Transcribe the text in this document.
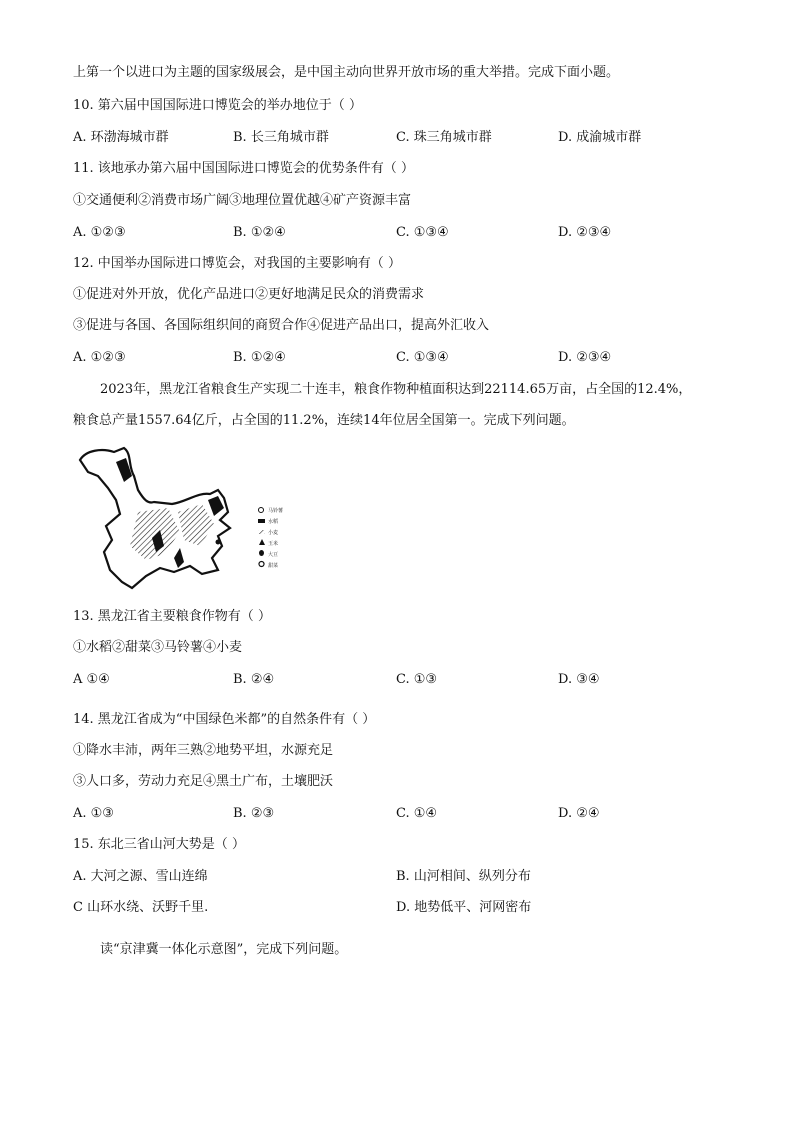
上第一个以进口为主题的国家级展会，是中国主动向世界开放市场的重大举措。完成下面小题。
10. 第六届中国国际进口博览会的举办地位于（ ）
A. 环渤海城市群	B. 长三角城市群	C. 珠三角城市群	D. 成渝城市群
11. 该地承办第六届中国国际进口博览会的优势条件有（ ）
①交通便利②消费市场广阔③地理位置优越④矿产资源丰富
A. ①②③	B. ①②④	C. ①③④	D. ②③④
12. 中国举办国际进口博览会，对我国的主要影响有（ ）
①促进对外开放，优化产品进口②更好地满足民众的消费需求
③促进与各国、各国际组织间的商贸合作④促进产品出口，提高外汇收入
A. ①②③	B. ①②④	C. ①③④	D. ②③④
2023年，黑龙江省粮食生产实现二十连丰，粮食作物种植面积达到22114.65万亩，占全国的12.4%，
粮食总产量1557.64亿斤，占全国的11.2%，连续14年位居全国第一。完成下列问题。
马铃薯
水稻
小麦
玉米
大豆
甜菜
13. 黑龙江省主要粮食作物有（ ）
①水稻②甜菜③马铃薯④小麦
A ①④	B. ②④	C. ①③	D. ③④
14. 黑龙江省成为“中国绿色米都”的自然条件有（ ）
①降水丰沛，两年三熟②地势平坦，水源充足
③人口多，劳动力充足④黑土广布，土壤肥沃
A. ①③	B. ②③	C. ①④	D. ②④
15. 东北三省山河大势是（ ）
A. 大河之源、雪山连绵	B. 山河相间、纵列分布
C 山环水绕、沃野千里.	D. 地势低平、河网密布
读“京津冀一体化示意图”，完成下列问题。
